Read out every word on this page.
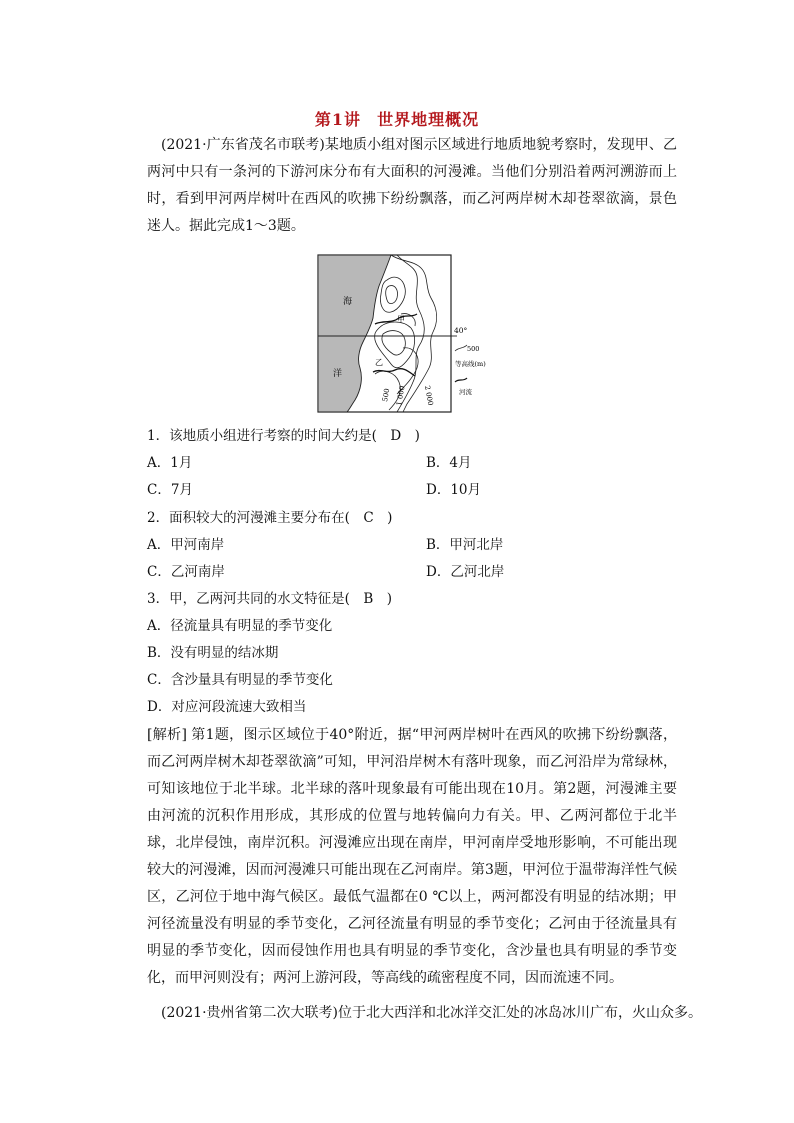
第1讲 世界地理概况
(2021·广东省茂名市联考)某地质小组对图示区域进行地质地貌考察时，发现甲、乙两河中只有一条河的下游河床分布有大面积的河漫滩。当他们分别沿着两河溯游而上时，看到甲河两岸树叶在西风的吹拂下纷纷飘落，而乙河两岸树木却苍翠欲滴，景色迷人。据此完成1～3题。
海
洋
甲
乙
500 1 000 2 000
40°
500
等高线(m)
河流
1．该地质小组进行考察的时间大约是(　D　)
A．1月	B．4月
C．7月	D．10月
2．面积较大的河漫滩主要分布在(　C　)
A．甲河南岸	B．甲河北岸
C．乙河南岸	D．乙河北岸
3．甲，乙两河共同的水文特征是(　B　)
A．径流量具有明显的季节变化
B．没有明显的结冰期
C．含沙量具有明显的季节变化
D．对应河段流速大致相当
[解析] 第1题，图示区域位于40°附近，据“甲河两岸树叶在西风的吹拂下纷纷飘落，而乙河两岸树木却苍翠欲滴”可知，甲河沿岸树木有落叶现象，而乙河沿岸为常绿林，可知该地位于北半球。北半球的落叶现象最有可能出现在10月。第2题，河漫滩主要由河流的沉积作用形成，其形成的位置与地转偏向力有关。甲、乙两河都位于北半球，北岸侵蚀，南岸沉积。河漫滩应出现在南岸，甲河南岸受地形影响，不可能出现较大的河漫滩，因而河漫滩只可能出现在乙河南岸。第3题，甲河位于温带海洋性气候区，乙河位于地中海气候区。最低气温都在0 ℃以上，两河都没有明显的结冰期；甲河径流量没有明显的季节变化，乙河径流量有明显的季节变化；乙河由于径流量具有明显的季节变化，因而侵蚀作用也具有明显的季节变化，含沙量也具有明显的季节变化，而甲河则没有；两河上游河段，等高线的疏密程度不同，因而流速不同。
(2021·贵州省第二次大联考)位于北大西洋和北冰洋交汇处的冰岛冰川广布，火山众多。
